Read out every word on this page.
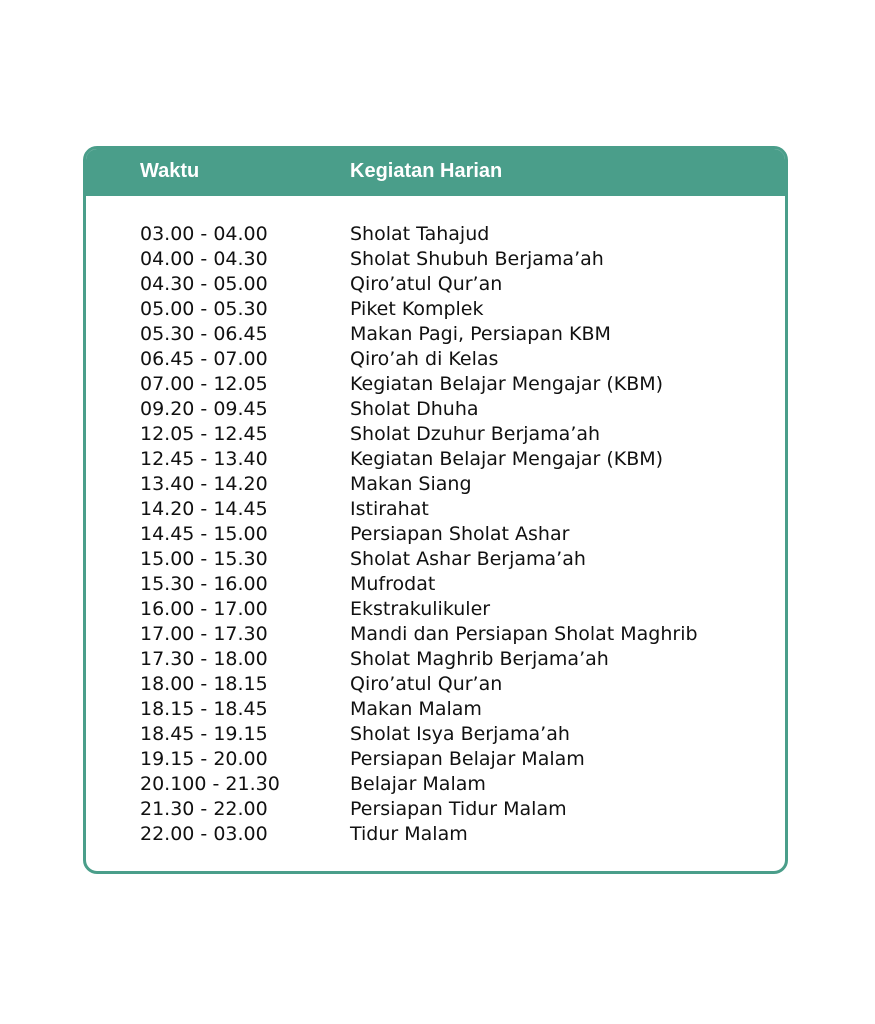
Waktu	Kegiatan Harian
03.00 - 04.00	Sholat Tahajud
04.00 - 04.30	Sholat Shubuh Berjama’ah
04.30 - 05.00	Qiro’atul Qur’an
05.00 - 05.30	Piket Komplek
05.30 - 06.45	Makan Pagi, Persiapan KBM
06.45 - 07.00	Qiro’ah di Kelas
07.00 - 12.05	Kegiatan Belajar Mengajar (KBM)
09.20 - 09.45	Sholat Dhuha
12.05 - 12.45	Sholat Dzuhur Berjama’ah
12.45 - 13.40	Kegiatan Belajar Mengajar (KBM)
13.40 - 14.20	Makan Siang
14.20 - 14.45	Istirahat
14.45 - 15.00	Persiapan Sholat Ashar
15.00 - 15.30	Sholat Ashar Berjama’ah
15.30 - 16.00	Mufrodat
16.00 - 17.00	Ekstrakulikuler
17.00 - 17.30	Mandi dan Persiapan Sholat Maghrib
17.30 - 18.00	Sholat Maghrib Berjama’ah
18.00 - 18.15	Qiro’atul Qur’an
18.15 - 18.45	Makan Malam
18.45 - 19.15	Sholat Isya Berjama’ah
19.15 - 20.00	Persiapan Belajar Malam
20.100 - 21.30	Belajar Malam
21.30 - 22.00	Persiapan Tidur Malam
22.00 - 03.00	Tidur Malam
